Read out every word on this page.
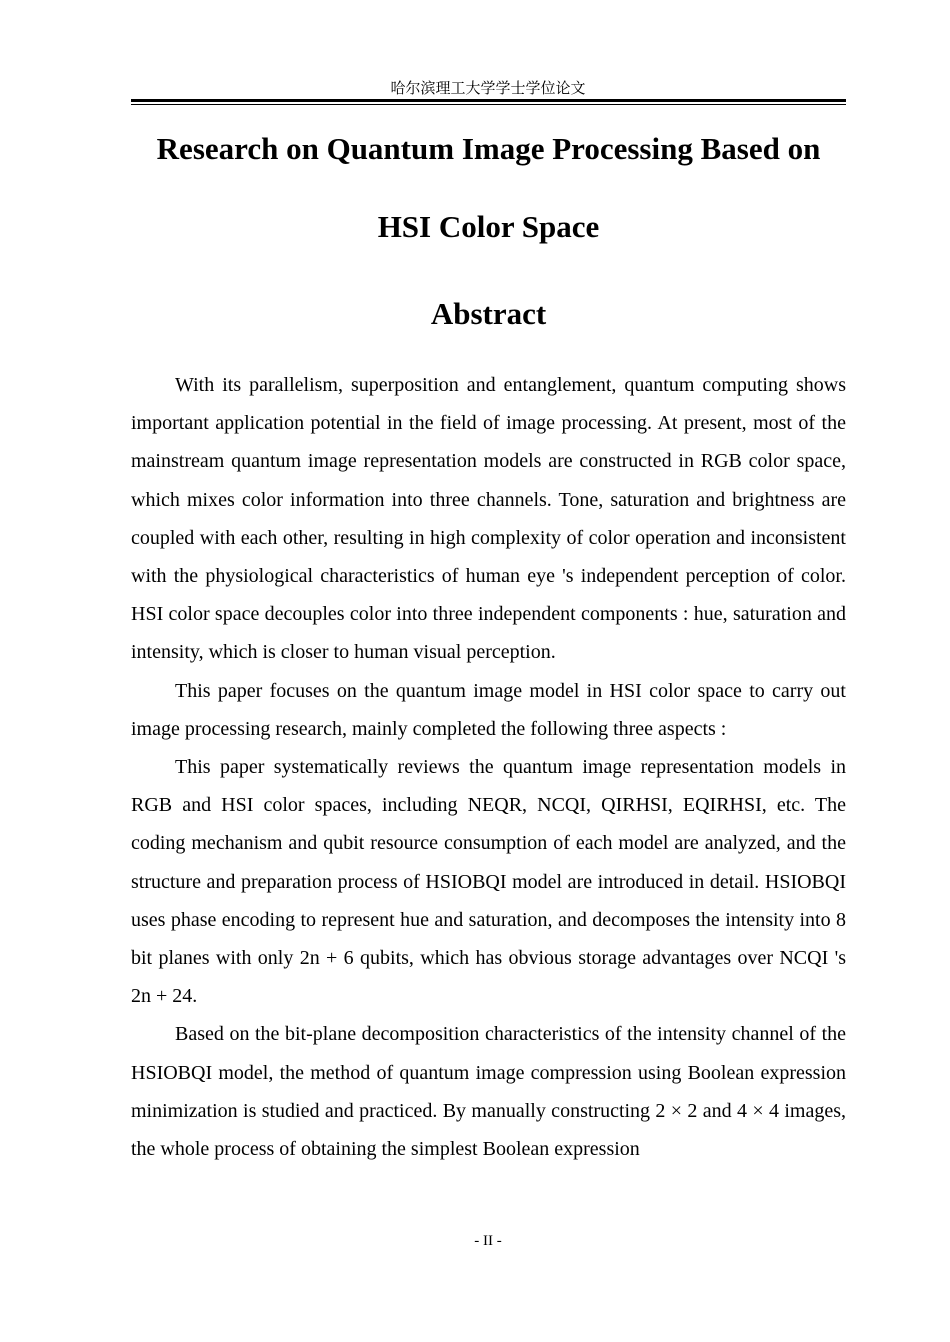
哈尔滨理工大学学士学位论文
Research on Quantum Image Processing Based on
HSI Color Space
Abstract

With its parallelism, superposition and entanglement, quantum computing shows important application potential in the field of image processing. At present, most of the mainstream quantum image representation models are constructed in RGB color space, which mixes color information into three channels. Tone, saturation and brightness are coupled with each other, resulting in high complexity of color operation and inconsistent with the physiological characteristics of human eye 's independent perception of color. HSI color space decouples color into three independent components : hue, saturation and intensity, which is closer to human visual perception.

This paper focuses on the quantum image model in HSI color space to carry out image processing research, mainly completed the following three aspects :

This paper systematically reviews the quantum image representation models in RGB and HSI color spaces, including NEQR, NCQI, QIRHSI, EQIRHSI, etc. The coding mechanism and qubit resource consumption of each model are analyzed, and the structure and preparation process of HSIOBQI model are introduced in detail. HSIOBQI uses phase encoding to represent hue and saturation, and decomposes the intensity into 8 bit planes with only 2n + 6 qubits, which has obvious storage advantages over NCQI 's 2n + 24.

Based on the bit-plane decomposition characteristics of the intensity channel of the HSIOBQI model, the method of quantum image compression using Boolean expression minimization is studied and practiced. By manually constructing 2 × 2 and 4 × 4 images, the whole process of obtaining the simplest Boolean expression

- II -
